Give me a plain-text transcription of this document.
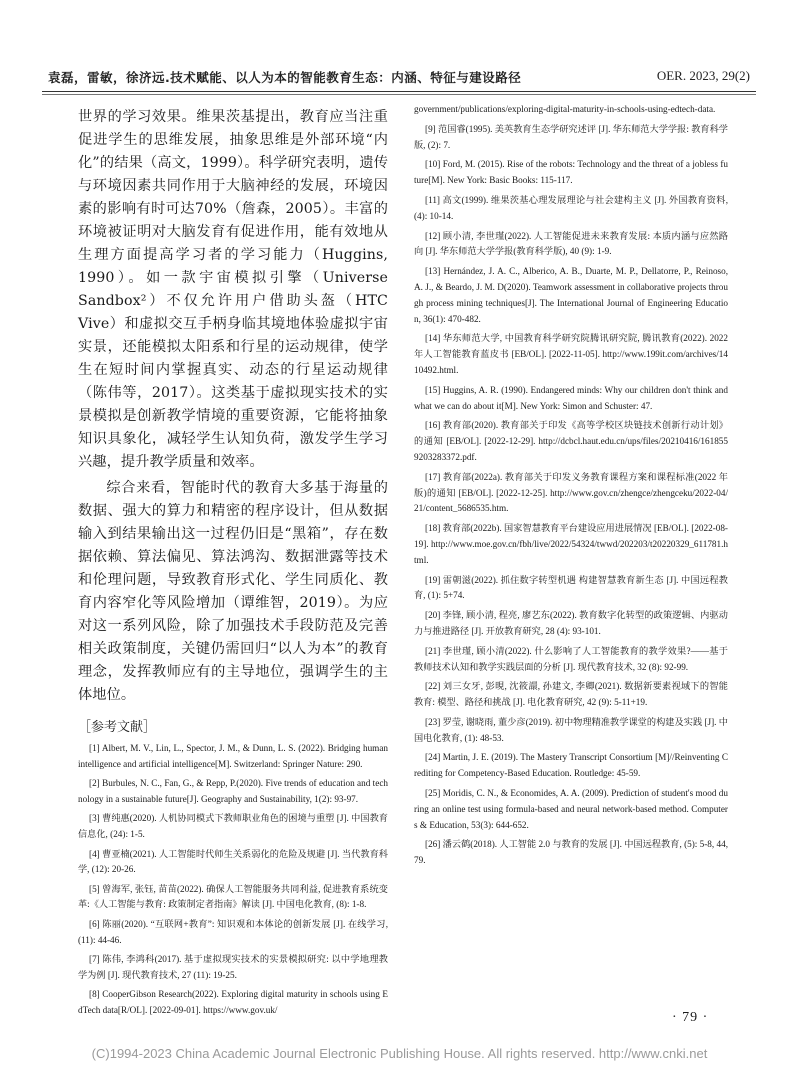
袁磊，雷敏，徐济远.技术赋能、以人为本的智能教育生态：内涵、特征与建设路径	OER. 2023, 29(2)

世界的学习效果。维果茨基提出，教育应当注重促进学生的思维发展，抽象思维是外部环境“内化”的结果（高文，1999）。科学研究表明，遗传与环境因素共同作用于大脑神经的发展，环境因素的影响有时可达70%（詹森，2005）。丰富的环境被证明对大脑发育有促进作用，能有效地从生理方面提高学习者的学习能力（Huggins, 1990）。如一款宇宙模拟引擎（Universe Sandbox²）不仅允许用户借助头盔（HTC Vive）和虚拟交互手柄身临其境地体验虚拟宇宙实景，还能模拟太阳系和行星的运动规律，使学生在短时间内掌握真实、动态的行星运动规律（陈伟等，2017）。这类基于虚拟现实技术的实景模拟是创新教学情境的重要资源，它能将抽象知识具象化，减轻学生认知负荷，激发学生学习兴趣，提升教学质量和效率。

综合来看，智能时代的教育大多基于海量的数据、强大的算力和精密的程序设计，但从数据输入到结果输出这一过程仍旧是“黑箱”，存在数据依赖、算法偏见、算法鸿沟、数据泄露等技术和伦理问题，导致教育形式化、学生同质化、教育内容窄化等风险增加（谭维智，2019）。为应对这一系列风险，除了加强技术手段防范及完善相关政策制度，关键仍需回归“以人为本”的教育理念，发挥教师应有的主导地位，强调学生的主体地位。

［参考文献］

[1] Albert, M. V., Lin, L., Spector, J. M., & Dunn, L. S. (2022). Bridging human intelligence and artificial intelligence[M]. Switzerland: Springer Nature: 290.

[2] Burbules, N. C., Fan, G., & Repp, P.(2020). Five trends of education and technology in a sustainable future[J]. Geography and Sustainability, 1(2): 93-97.

[3] 曹纯惠(2020). 人机协同模式下教师职业角色的困境与重塑 [J]. 中国教育信息化, (24): 1-5.

[4] 曹亚楠(2021). 人工智能时代师生关系弱化的危险及规避 [J]. 当代教育科学, (12): 20-26.

[5] 曾海军, 张钰, 苗苗(2022). 确保人工智能服务共同利益, 促进教育系统变革:《人工智能与教育: 政策制定者指南》解读 [J]. 中国电化教育, (8): 1-8.

[6] 陈丽(2020). “互联网+教育”: 知识观和本体论的创新发展 [J]. 在线学习, (11): 44-46.

[7] 陈伟, 李鸿科(2017). 基于虚拟现实技术的实景模拟研究: 以中学地理教学为例 [J]. 现代教育技术, 27 (11): 19-25.

[8] CooperGibson Research(2022). Exploring digital maturity in schools using EdTech data[R/OL]. [2022-09-01]. https://www.gov.uk/

government/publications/exploring-digital-maturity-in-schools-using-edtech-data.

[9] 范国睿(1995). 美英教育生态学研究述评 [J]. 华东师范大学学报: 教育科学版, (2): 7.

[10] Ford, M. (2015). Rise of the robots: Technology and the threat of a jobless future[M]. New York: Basic Books: 115-117.

[11] 高文(1999). 维果茨基心理发展理论与社会建构主义 [J]. 外国教育资料, (4): 10-14.

[12] 顾小清, 李世瑾(2022). 人工智能促进未来教育发展: 本质内涵与应然路向 [J]. 华东师范大学学报(教育科学版), 40 (9): 1-9.

[13] Hernández, J. A. C., Alberico, A. B., Duarte, M. P., Dellatorre, P., Reinoso, A. J., & Beardo, J. M. D(2020). Teamwork assessment in collaborative projects through process mining techniques[J]. The International Journal of Engineering Education, 36(1): 470-482.

[14] 华东师范大学, 中国教育科学研究院腾讯研究院, 腾讯教育(2022). 2022 年人工智能教育蓝皮书 [EB/OL]. [2022-11-05]. http://www.199it.com/archives/1410492.html.

[15] Huggins, A. R. (1990). Endangered minds: Why our children don't think and what we can do about it[M]. New York: Simon and Schuster: 47.

[16] 教育部(2020). 教育部关于印发《高等学校区块链技术创新行动计划》的通知 [EB/OL]. [2022-12-29]. http://dcbcl.haut.edu.cn/ups/files/20210416/1618559203283372.pdf.

[17] 教育部(2022a). 教育部关于印发义务教育课程方案和课程标准(2022 年版)的通知 [EB/OL]. [2022-12-25]. http://www.gov.cn/zhengce/zhengceku/2022-04/21/content_5686535.htm.

[18] 教育部(2022b). 国家智慧教育平台建设应用进展情况 [EB/OL]. [2022-08-19]. http://www.moe.gov.cn/fbh/live/2022/54324/twwd/202203/t20220329_611781.html.

[19] 雷朝滋(2022). 抓住数字转型机遇 构建智慧教育新生态 [J]. 中国远程教育, (1): 5+74.

[20] 李锋, 顾小清, 程亮, 廖艺东(2022). 教育数字化转型的政策逻辑、内驱动力与推进路径 [J]. 开放教育研究, 28 (4): 93-101.

[21] 李世瑾, 顾小清(2022). 什么影响了人工智能教育的教学效果?——基于教师技术认知和教学实践层面的分析 [J]. 现代教育技术, 32 (8): 92-99.

[22] 刘三女牙, 彭晛, 沈筱譞, 孙建文, 李卿(2021). 数据新要素视域下的智能教育: 模型、路径和挑战 [J]. 电化教育研究, 42 (9): 5-11+19.

[23] 罗莹, 谢晓雨, 董少彦(2019). 初中物理精准教学课堂的构建及实践 [J]. 中国电化教育, (1): 48-53.

[24] Martin, J. E. (2019). The Mastery Transcript Consortium [M]//Reinventing Crediting for Competency-Based Education. Routledge: 45-59.

[25] Moridis, C. N., & Economides, A. A. (2009). Prediction of student's mood during an online test using formula-based and neural network-based method. Computers & Education, 53(3): 644-652.

[26] 潘云鹤(2018). 人工智能 2.0 与教育的发展 [J]. 中国远程教育, (5): 5-8, 44, 79.

· 79 ·
(C)1994-2023 China Academic Journal Electronic Publishing House. All rights reserved. http://www.cnki.net
